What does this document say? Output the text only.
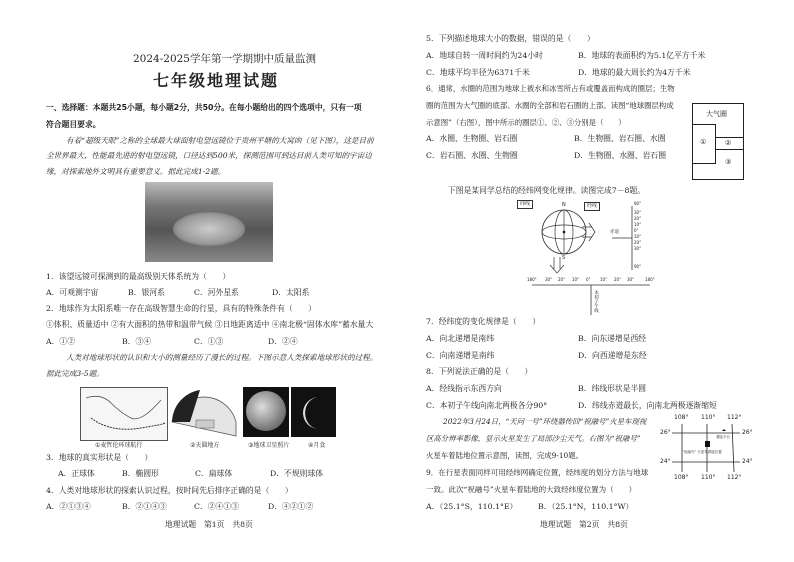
2024-2025学年第一学期期中质量监测
七年级地理试题
一、选择题：本题共25小题，每小题2分，共50分。在每小题给出的四个选项中，只有一项
符合题目要求。
有着“超级天眼”之称的全球最大球面射电望远镜位于贵州平塘的大窝凼（见下图），这是目前
全世界最大、性能最先进的射电望远镜，口径达到500米，探测范围可到达目前人类可知的宇宙边
缘，对探索地外文明具有重要意义。据此完成1-2题。
1．该望远镜可探测到的最高级别天体系统为（　　）
A．可观测宇宙	B．银河系	C．河外星系	D．太阳系
2．地球作为太阳系唯一存在高级智慧生命的行星，具有的特殊条件有（　　）
①体积、质量适中 ②有大面积的热带和温带气候 ③日地距离适中 ④南北极“固体水库”蓄水量大
A．①②	B．③④	C．①③	D．②④
人类对地球形状的认识和大小的测量经历了漫长的过程。下图示意人类探索地球形状的过程。
据此完成3-5题。
①麦哲伦环球航行	②天圆地方	③地球卫星照片	④月食
3．地球的真实形状是（　　）
A．正球体	B．椭圆形	C．扁球体	D．不规则球体
4．人类对地球形状的探索认识过程，按时间先后排序正确的是（　　）
A．②①③④	B．②①④③	C．②④①③	D．④②①②
地理试题　第1页　共8页
5．下列描述地球大小的数据，错误的是（　　）
A．地球自转一周时间约为24小时	B．地球的表面积约为5.1亿平方千米
C．地球平均半径为6371千米	D．地球的最大周长约为4万千米
6．通常，水圈的范围为地球上被水和冰雪所占有或覆盖而构成的圈层；生物
圈的范围为大气圈的底部、水圈的全部和岩石圈的上部。读图“地球圈层构成
示意图”（右图），图中所示的圈层①、②、③分别是（　　）
A．水圈、生物圈、岩石圈	B．生物圈、岩石圈、水圈
C．岩石圈、水圈、生物圈	D．生物圈、水圈、岩石圈
大气圈
①	②
③
下图是某同学总结的经纬网变化规律。读图完成7－8题。
纬线	经线
N
S
赤道
本初子午线
90°
30°
20°
10°
0°
10°
20°
30°
90°
180° 30° 20° 10° 0° 10° 20° 30°	180°
7．经纬度的变化规律是（　　）
A．向北递增是南纬	B．向东递增是西经
C．向南递增是南纬	D．向西递增是东经
8．下列说法正确的是（　　）
A．经线指示东西方向	B．纬线形状是半圆
C．本初子午线向南北两极各分90°	D．纬线赤道最长，向南北两极逐渐缩短
2022年3月24日，“天问一号”环绕器传回“祝融号”火星车现视
区高分辨率影像，显示火星发生了局部沙尘天气。右图为“祝融号”
火星车着陆地位置示意图，读图，完成9-10题。
108° 110° 112°
108° 110° 112°
26°
24°
26°
24°
着陆平台
“祝融号” 火星车着陆位置
9．在行星表面同样可用经纬网确定位置，经纬度的划分方法与地球
一致。此次“祝融号”火星车着陆地的大致经纬度位置为（　　）
A．（25.1°S，110.1°E）	B．（25.1°N，110.1°W）
地理试题　第2页　共8页
